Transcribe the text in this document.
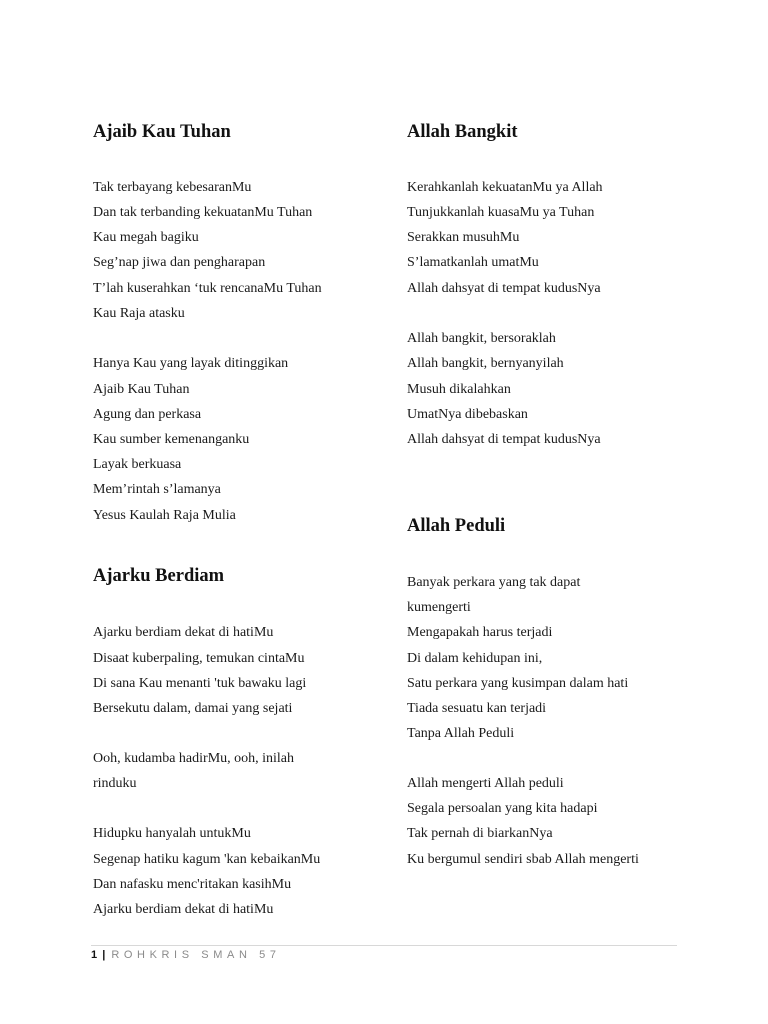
Ajaib Kau Tuhan
Tak terbayang kebesaranMu
Dan tak terbanding kekuatanMu Tuhan
Kau megah bagiku
Seg’nap jiwa dan pengharapan
T’lah kuserahkan ‘tuk rencanaMu Tuhan
Kau Raja atasku
Hanya Kau yang layak ditinggikan
Ajaib Kau Tuhan
Agung dan perkasa
Kau sumber kemenanganku
Layak berkuasa
Mem’rintah s’lamanya
Yesus Kaulah Raja Mulia
Ajarku Berdiam
Ajarku berdiam dekat di hatiMu
Disaat kuberpaling, temukan cintaMu
Di sana Kau menanti 'tuk bawaku lagi
Bersekutu dalam, damai yang sejati
Ooh, kudamba hadirMu, ooh, inilah
rinduku
Hidupku hanyalah untukMu
Segenap hatiku kagum 'kan kebaikanMu
Dan nafasku menc'ritakan kasihMu
Ajarku berdiam dekat di hatiMu
Allah Bangkit
Kerahkanlah kekuatanMu ya Allah
Tunjukkanlah kuasaMu ya Tuhan
Serakkan musuhMu
S’lamatkanlah umatMu
Allah dahsyat di tempat kudusNya
Allah bangkit, bersoraklah
Allah bangkit, bernyanyilah
Musuh dikalahkan
UmatNya dibebaskan
Allah dahsyat di tempat kudusNya
Allah Peduli
Banyak perkara yang tak dapat
kumengerti
Mengapakah harus terjadi
Di dalam kehidupan ini,
Satu perkara yang kusimpan dalam hati
Tiada sesuatu kan terjadi
Tanpa Allah Peduli
Allah mengerti Allah peduli
Segala persoalan yang kita hadapi
Tak pernah di biarkanNya
Ku bergumul sendiri sbab Allah mengerti
1 | ROHKRIS SMAN 57
